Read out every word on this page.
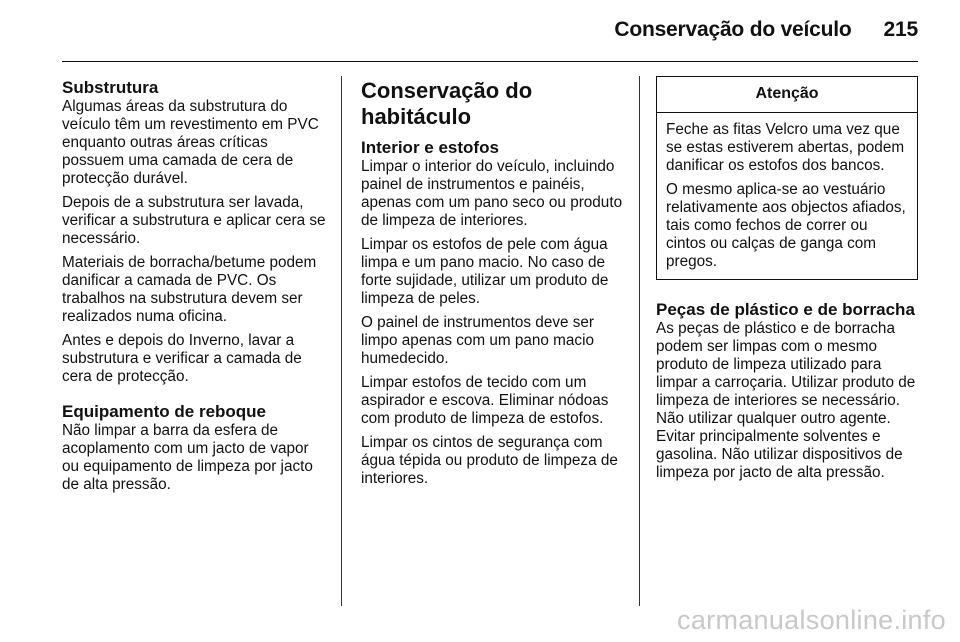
Conservação do veículo 215
Substrutura

Algumas áreas da substrutura do veículo têm um revestimento em PVC enquanto outras áreas críticas possuem uma camada de cera de protecção durável.

Depois de a substrutura ser lavada, verificar a substrutura e aplicar cera se necessário.

Materiais de borracha/betume podem danificar a camada de PVC. Os trabalhos na substrutura devem ser realizados numa oficina.

Antes e depois do Inverno, lavar a substrutura e verificar a camada de cera de protecção.

Equipamento de reboque

Não limpar a barra da esfera de acoplamento com um jacto de vapor ou equipamento de limpeza por jacto de alta pressão.

Conservação do habitáculo
Interior e estofos

Limpar o interior do veículo, incluindo painel de instrumentos e painéis, apenas com um pano seco ou produto de limpeza de interiores.

Limpar os estofos de pele com água limpa e um pano macio. No caso de forte sujidade, utilizar um produto de limpeza de peles.

O painel de instrumentos deve ser limpo apenas com um pano macio humedecido.

Limpar estofos de tecido com um aspirador e escova. Eliminar nódoas com produto de limpeza de estofos.

Limpar os cintos de segurança com água tépida ou produto de limpeza de interiores.

Atenção

Feche as fitas Velcro uma vez que se estas estiverem abertas, podem danificar os estofos dos bancos.

O mesmo aplica-se ao vestuário relativamente aos objectos afiados, tais como fechos de correr ou cintos ou calças de ganga com pregos.

Peças de plástico e de borracha

As peças de plástico e de borracha podem ser limpas com o mesmo produto de limpeza utilizado para limpar a carroçaria. Utilizar produto de limpeza de interiores se necessário. Não utilizar qualquer outro agente. Evitar principalmente solventes e gasolina. Não utilizar dispositivos de limpeza por jacto de alta pressão.

carmanualsonline.info
